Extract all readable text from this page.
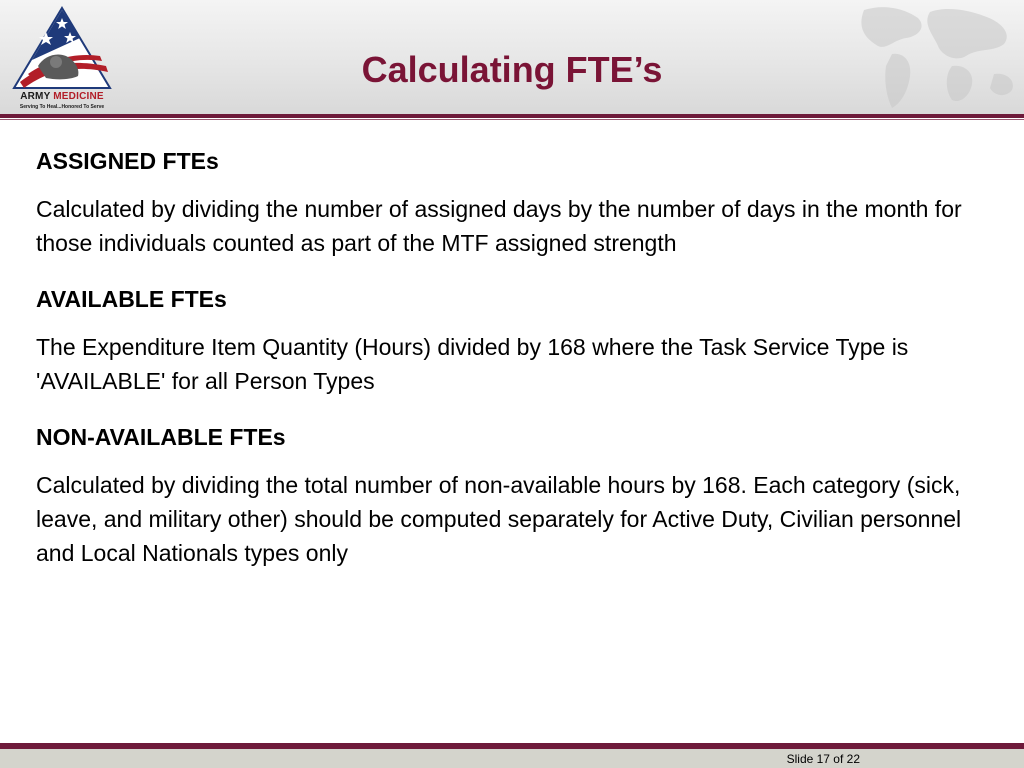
ARMY MEDICINE
Serving To Heal...Honored To Serve
Calculating FTE’s

ASSIGNED FTEs

Calculated by dividing the number of assigned days by the number of days in the month for those individuals counted as part of the MTF assigned strength

AVAILABLE FTEs

The Expenditure Item Quantity (Hours) divided by 168 where the Task Service Type is 'AVAILABLE' for all Person Types

NON-AVAILABLE FTEs

Calculated by dividing the total number of non-available hours by 168. Each category (sick, leave, and military other) should be computed separately for Active Duty, Civilian personnel and Local Nationals types only

Slide 17 of 22
